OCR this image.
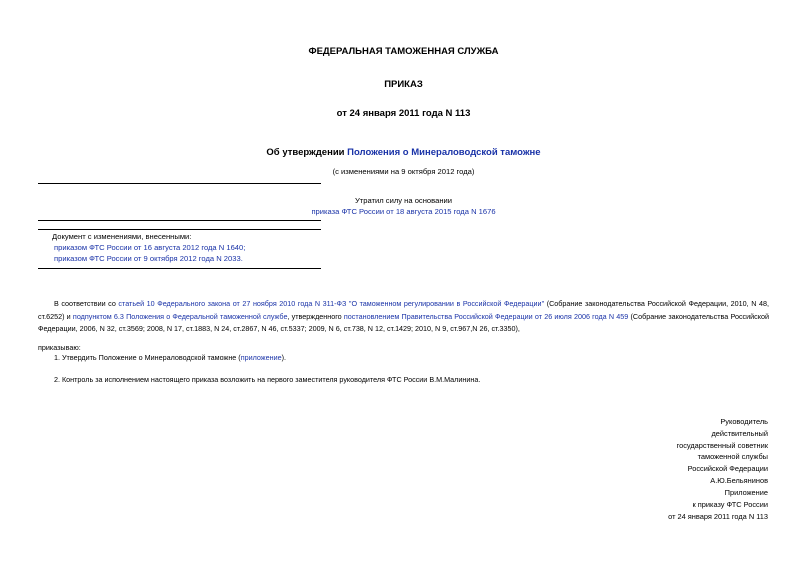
ФЕДЕРАЛЬНАЯ ТАМОЖЕННАЯ СЛУЖБА
ПРИКАЗ
от 24 января 2011 года N 113
Об утверждении Положения о Минераловодской таможне
(с изменениями на 9 октября 2012 года)
Утратил силу на основании
приказа ФТС России от 18 августа 2015 года N 1676
Документ с изменениями, внесенными:
приказом ФТС России от 16 августа 2012 года N 1640;
приказом ФТС России от 9 октября 2012 года N 2033.
В соответствии со статьей 10 Федерального закона от 27 ноября 2010 года N 311-ФЗ "О таможенном регулировании в Российской Федерации" (Собрание законодательства Российской Федерации, 2010, N 48, ст.6252) и подпунктом 6.3 Положения о Федеральной таможенной службе, утвержденного постановлением Правительства Российской Федерации от 26 июля 2006 года N 459 (Собрание законодательства Российской Федерации, 2006, N 32, ст.3569; 2008, N 17, ст.1883, N 24, ст.2867, N 46, ст.5337; 2009, N 6, ст.738, N 12, ст.1429; 2010, N 9, ст.967,N 26, ст.3350),
приказываю:
1. Утвердить Положение о Минераловодской таможне (приложение).
2. Контроль за исполнением настоящего приказа возложить на первого заместителя руководителя ФТС России В.М.Малинина.
Руководитель
действительный
государственный советник
таможенной службы
Российской Федерации
А.Ю.Бельянинов
Приложение
к приказу ФТС России
от 24 января 2011 года N 113
